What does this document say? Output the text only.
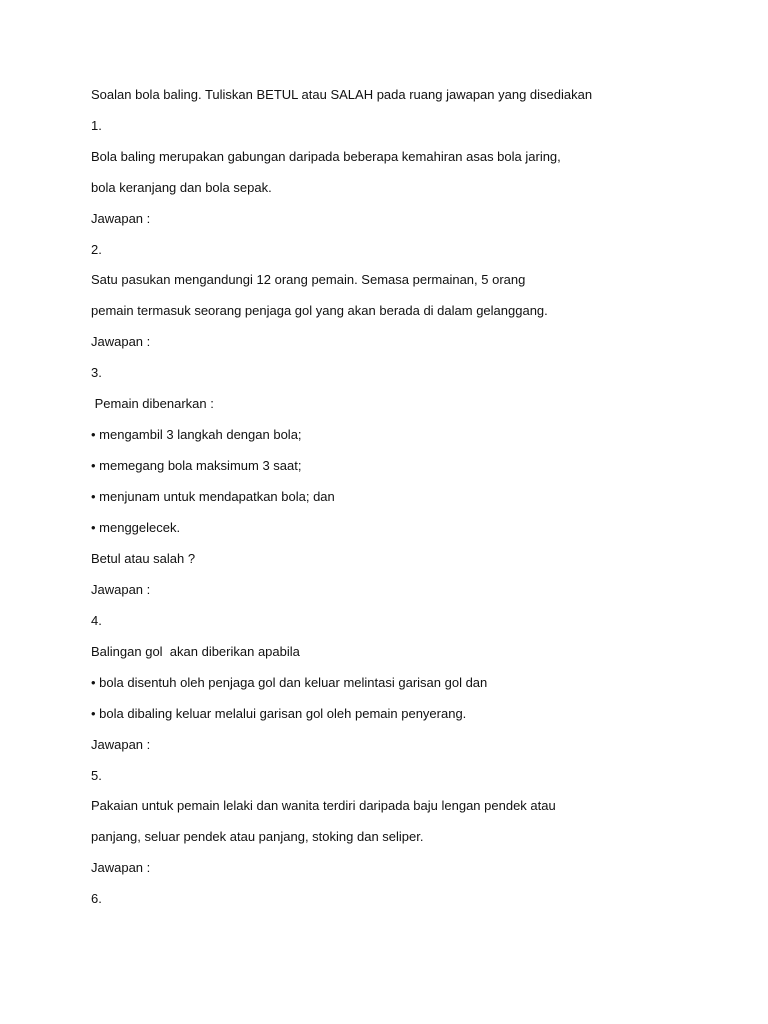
Soalan bola baling. Tuliskan BETUL atau SALAH pada ruang jawapan yang disediakan
1.
Bola baling merupakan gabungan daripada beberapa kemahiran asas bola jaring,
bola keranjang dan bola sepak.
Jawapan :
2.
Satu pasukan mengandungi 12 orang pemain. Semasa permainan, 5 orang
pemain termasuk seorang penjaga gol yang akan berada di dalam gelanggang.
Jawapan :
3.
Pemain dibenarkan :
• mengambil 3 langkah dengan bola;
• memegang bola maksimum 3 saat;
• menjunam untuk mendapatkan bola; dan
• menggelecek.
Betul atau salah ?
Jawapan :
4.
Balingan gol  akan diberikan apabila
• bola disentuh oleh penjaga gol dan keluar melintasi garisan gol dan
• bola dibaling keluar melalui garisan gol oleh pemain penyerang.
Jawapan :
5.
Pakaian untuk pemain lelaki dan wanita terdiri daripada baju lengan pendek atau
panjang, seluar pendek atau panjang, stoking dan seliper.
Jawapan :
6.
